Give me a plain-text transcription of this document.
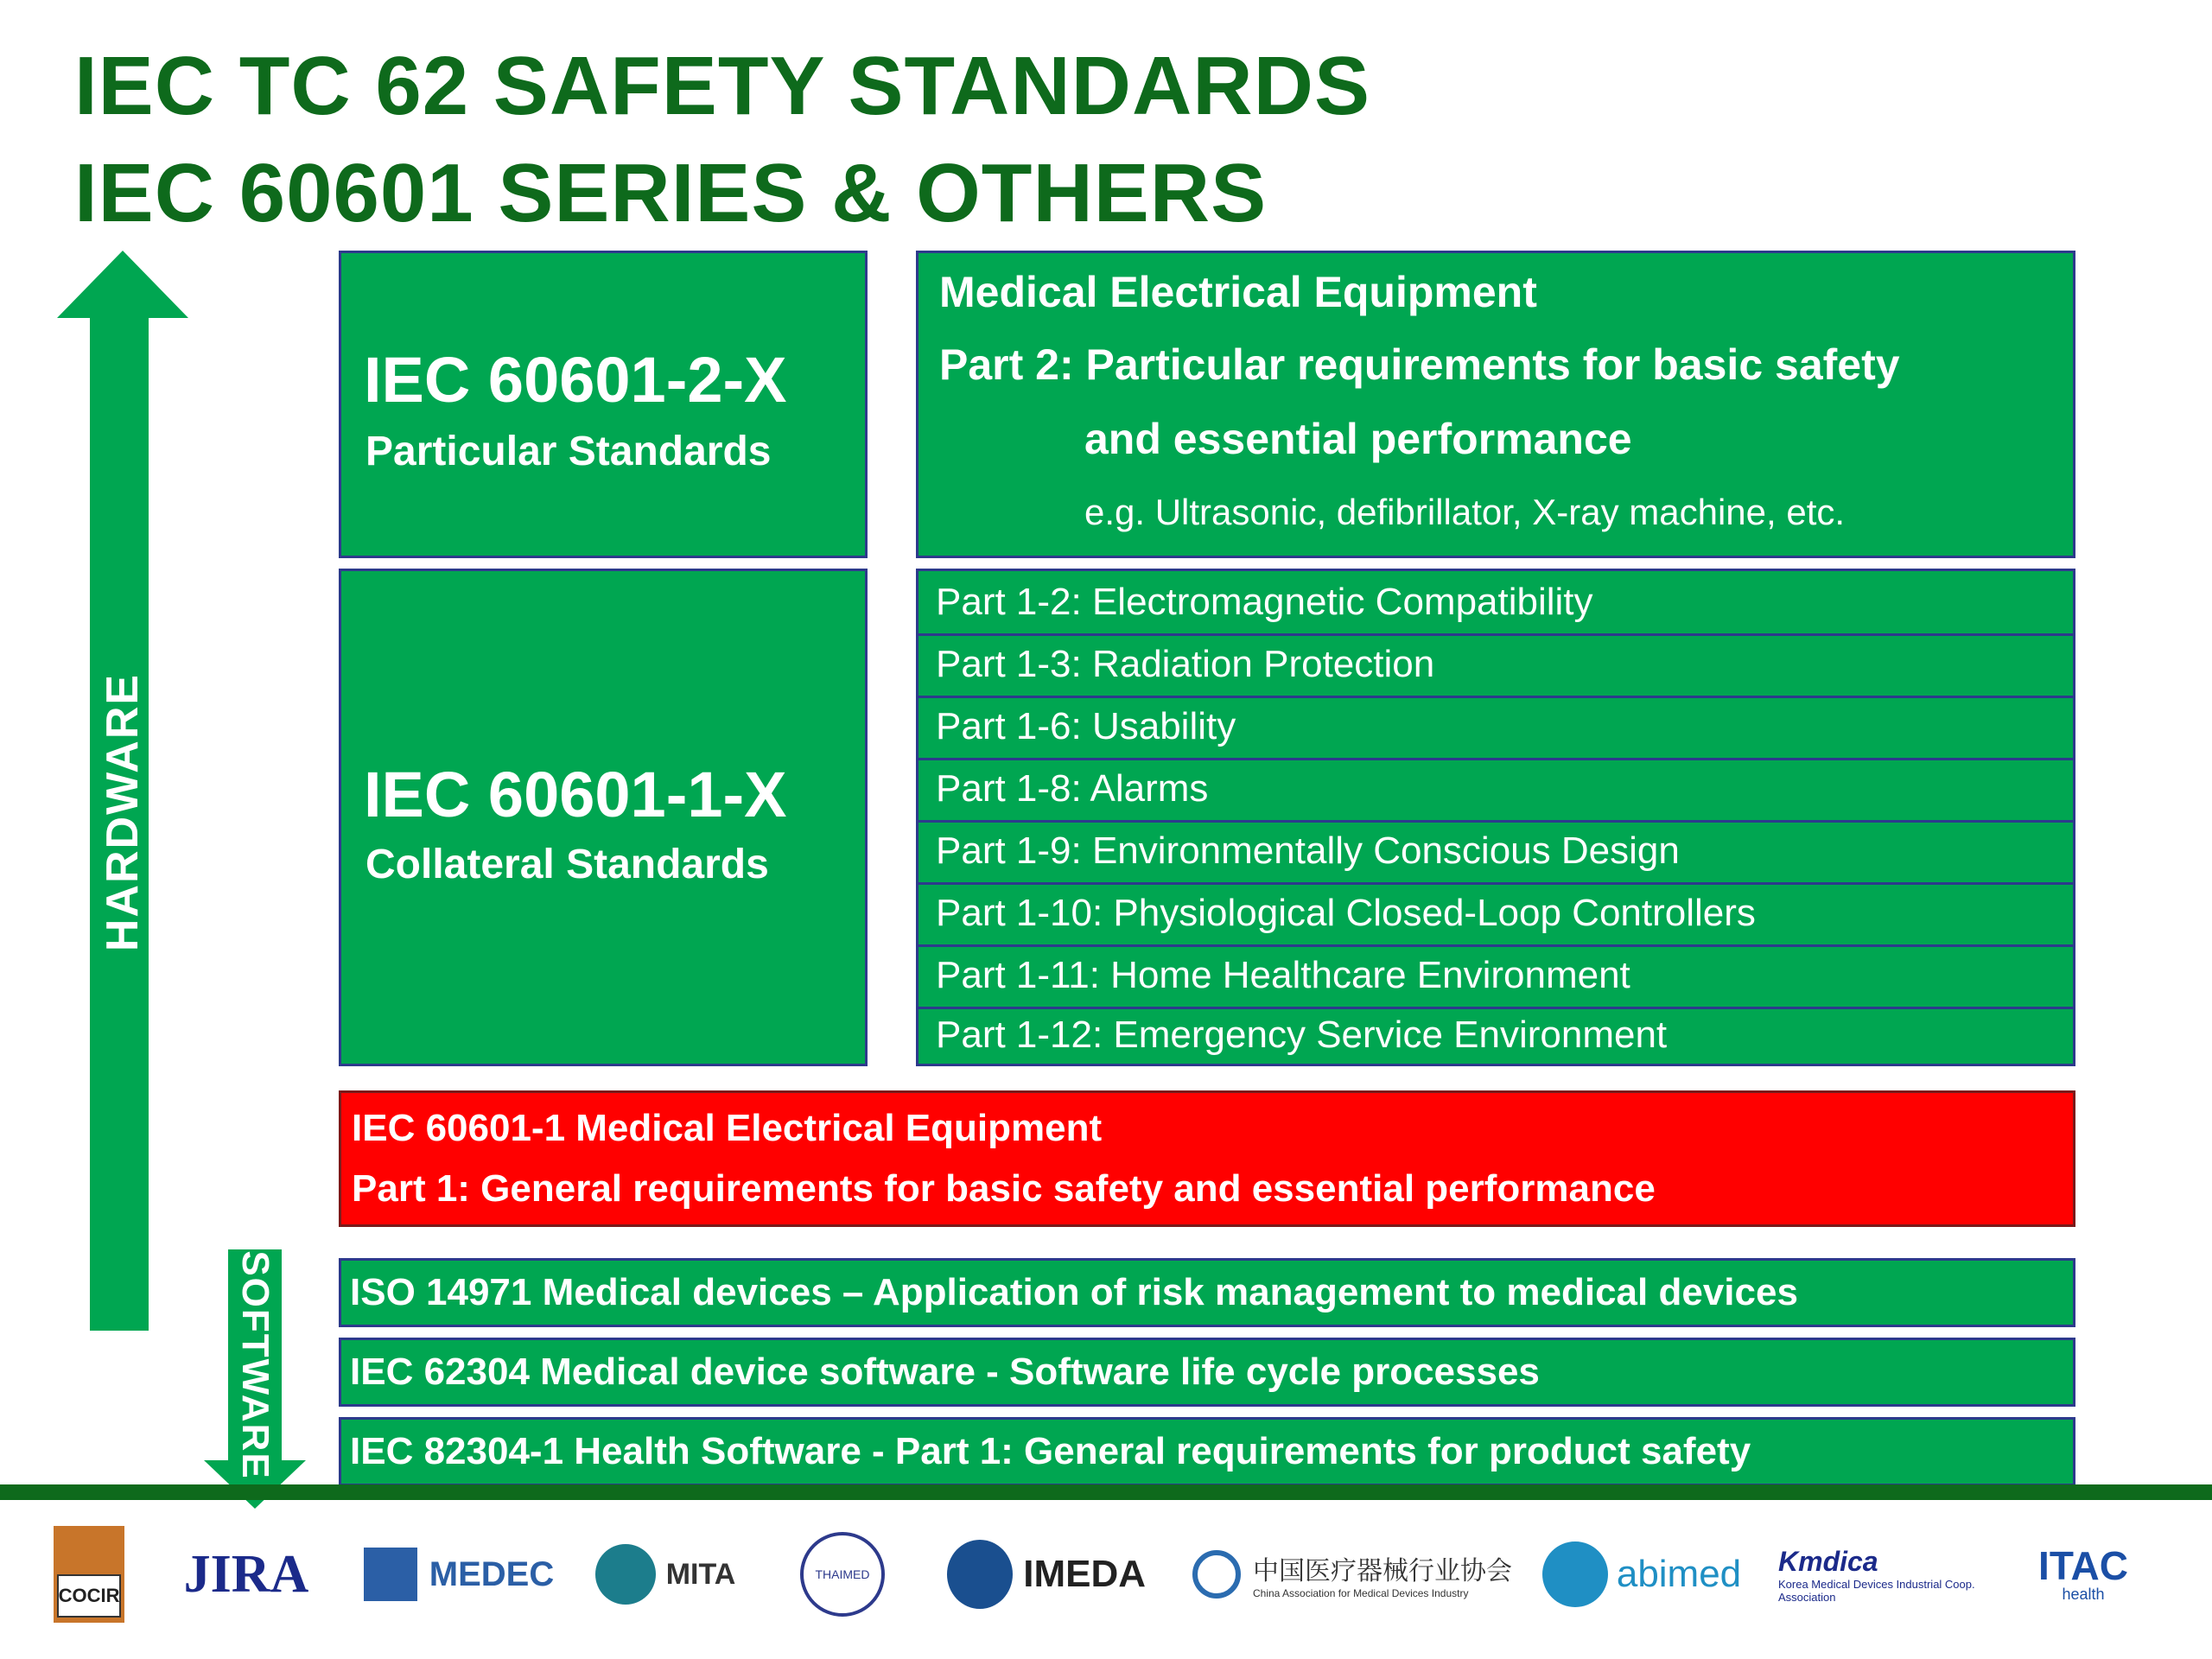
IEC TC 62 SAFETY STANDARDS
IEC 60601 SERIES & OTHERS
HARDWARE
SOFTWARE
IEC 60601-2-X
Particular Standards
Medical Electrical Equipment
Part 2: Particular requirements for basic safety
and essential performance
e.g. Ultrasonic, defibrillator, X-ray machine, etc.
IEC 60601-1-X
Collateral Standards
Part 1-2: Electromagnetic Compatibility
Part 1-3: Radiation Protection
Part 1-6: Usability
Part 1-8: Alarms
Part 1-9: Environmentally Conscious Design
Part 1-10: Physiological Closed-Loop Controllers
Part 1-11: Home Healthcare Environment
Part 1-12: Emergency Service Environment
IEC 60601-1 Medical Electrical Equipment
Part 1: General requirements for basic safety and essential performance
ISO 14971 Medical devices – Application of risk management to medical devices
IEC 62304 Medical device software - Software life cycle processes
IEC 82304-1 Health Software - Part 1: General requirements for product safety
COCIR JIRA	MEDEC	MITA	THAIMED	IMEDA	中国医疗器械行业协会
China Association for Medical Devices Industry	abimed Kmdica
Korea Medical Devices Industrial Coop. Association
ITAC
health
